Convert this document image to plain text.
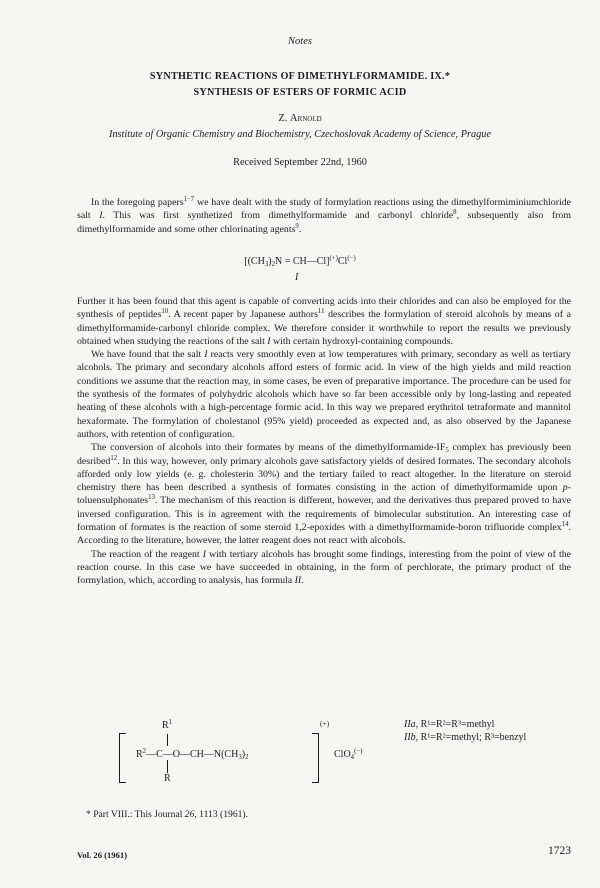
Notes
SYNTHETIC REACTIONS OF DIMETHYLFORMAMIDE. IX.*
SYNTHESIS OF ESTERS OF FORMIC ACID
Z. Arnold
Institute of Organic Chemistry and Biochemistry, Czechoslovak Academy of Science, Prague
Received September 22nd, 1960

In the foregoing papers$^{1-7}$ we have dealt with the study of formylation reactions using the dimethylformiminiumchloride salt I. This was first synthetized from dimethylformamide and carbonyl chloride$^8$, subsequently also from dimethylformamide and some other chlorinating agents$^9$.

[$(CH_3)_2N$ = CH—Cl](+)Cl(−)
I

Further it has been found that this agent is capable of converting acids into their chlorides and can also be employed for the synthesis of peptides$^{10}$. A recent paper by Japanese authors$^{11}$ describes the formylation of steroid alcohols by means of a dimethylformamide-carbonyl chloride complex. We therefore consider it worthwhile to report the results we previously obtained when studying the reactions of the salt I with certain hydroxyl-containing compounds.

We have found that the salt I reacts very smoothly even at low temperatures with primary, secondary as well as tertiary alcohols. The primary and secondary alcohols afford esters of formic acid. In view of the high yields and mild reaction conditions we assume that the reaction may, in some cases, be even of preparative importance. The procedure can be used for the synthesis of the formates of polyhydric alcohols which have so far been accessible only by long-lasting and repeated heating of these alcohols with a high-percentage formic acid. In this way we prepared erythritol tetraformate and mannitol hexaformate. The formylation of cholestanol (95% yield) proceeded as expected and, as also observed by the Japanese authors, with retention of configuration.

The conversion of alcohols into their formates by means of the dimethylformamide-$IF_5$ complex has previously been desribed$^{12}$. In this way, however, only primary alcohols gave satisfactory yields of desired formates. The secondary alcohols afforded only low yields (e. g. cholesterin 30%) and the tertiary failed to react altogether. In the literature on steroid chemistry there has been described a synthesis of formates consisting in the action of dimethylformamide upon p-toluensulphonates$^{13}$. The mechanism of this reaction is different, however, and the derivatives thus prepared proved to have inversed configuration. This is in agreement with the requirements of bimolecular substitution. An interesting case of formation of formates is the reaction of some steroid 1,2-epoxides with a dimethylformamide-boron trifluoride complex$^{14}$. According to the literature, however, the latter reagent does not react with alcohols.

The reaction of the reagent I with tertiary alcohols has brought some findings, interesting from the point of view of the reaction course. In this case we have succeeded in obtaining, in the form of perchlorate, the primary product of the formylation, which, according to analysis, has formula II.

$R^1$
$R^2—C—O—CH—N(CH_3)_2$
R
(+)
ClO$_4$(−)
IIa, R¹=R²=R³=methyl
IIb, R¹=R²=methyl; R³=benzyl
* Part VIII.: This Journal 26, 1113 (1961).
Vol. 26 (1961)	1723
